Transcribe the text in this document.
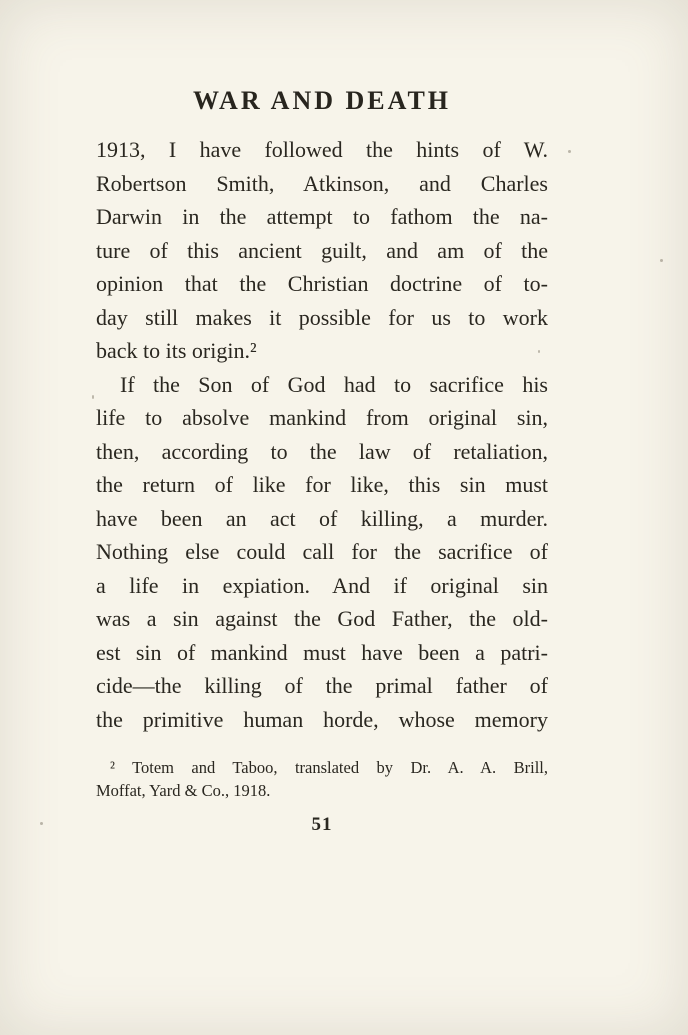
WAR AND DEATH
1913, I have followed the hints of W.
Robertson Smith, Atkinson, and Charles
Darwin in the attempt to fathom the na-
ture of this ancient guilt, and am of the
opinion that the Christian doctrine of to-
day still makes it possible for us to work
back to its origin.²
If the Son of God had to sacrifice his
life to absolve mankind from original sin,
then, according to the law of retaliation,
the return of like for like, this sin must
have been an act of killing, a murder.
Nothing else could call for the sacrifice of
a life in expiation. And if original sin
was a sin against the God Father, the old-
est sin of mankind must have been a patri-
cide—the killing of the primal father of
the primitive human horde, whose memory
² Totem and Taboo, translated by Dr. A. A. Brill,
Moffat, Yard & Co., 1918.
51
